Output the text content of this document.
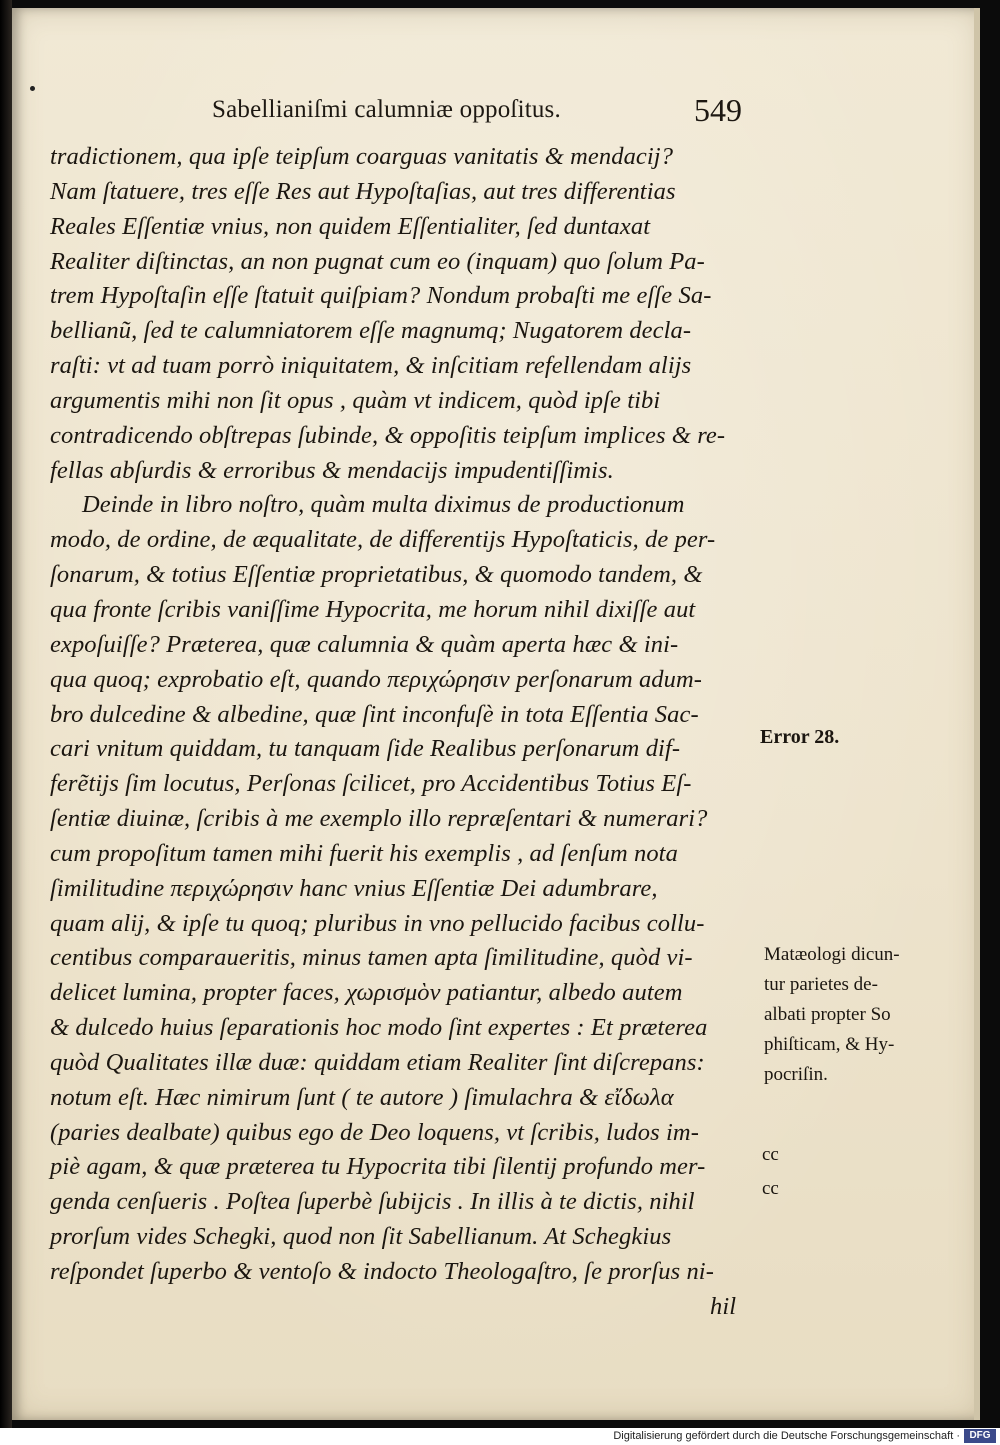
Sabellianiſmi calumniæ oppoſitus.	549
tradictionem, qua ipſe teipſum coarguas vanitatis & mendacij?
Nam ſtatuere, tres eſſe Res aut Hypoſtaſias, aut tres differentias
Reales Eſſentiæ vnius, non quidem Eſſentialiter, ſed duntaxat
Realiter diſtinctas, an non pugnat cum eo (inquam) quo ſolum Pa-
trem Hypoſtaſin eſſe ſtatuit quiſpiam? Nondum probaſti me eſſe Sa-
bellianũ, ſed te calumniatorem eſſe magnumq; Nugatorem decla-
raſti: vt ad tuam porrò iniquitatem, & inſcitiam refellendam alijs
argumentis mihi non ſit opus , quàm vt indicem, quòd ipſe tibi
contradicendo obſtrepas ſubinde, & oppoſitis teipſum implices & re-
fellas abſurdis & erroribus & mendacijs impudentiſſimis.
Deinde in libro noſtro, quàm multa diximus de productionum
modo, de ordine, de æqualitate, de differentijs Hypoſtaticis, de per-
ſonarum, & totius Eſſentiæ proprietatibus, & quomodo tandem, &
qua fronte ſcribis vaniſſime Hypocrita, me horum nihil dixiſſe aut
expoſuiſſe? Præterea, quæ calumnia & quàm aperta hæc & ini-
qua quoq; exprobatio eſt, quando περιχώρησιν perſonarum adum-
bro dulcedine & albedine, quæ ſint inconfuſè in tota Eſſentia Sac-
cari vnitum quiddam, tu tanquam ſide Realibus perſonarum dif-
ferẽtijs ſim locutus, Perſonas ſcilicet, pro Accidentibus Totius Eſ-
ſentiæ diuinæ, ſcribis à me exemplo illo repræſentari & numerari?
cum propoſitum tamen mihi fuerit his exemplis , ad ſenſum nota
ſimilitudine περιχώρησιν hanc vnius Eſſentiæ Dei adumbrare,
quam alij, & ipſe tu quoq; pluribus in vno pellucido facibus collu-
centibus comparaueritis, minus tamen apta ſimilitudine, quòd vi-
delicet lumina, propter faces, χωρισμὸν patiantur, albedo autem
& dulcedo huius ſeparationis hoc modo ſint expertes : Et præterea
quòd Qualitates illæ duæ: quiddam etiam Realiter ſint diſcrepans:
notum eſt. Hæc nimirum ſunt ( te autore ) ſimulachra & εἴδωλα
(paries dealbate) quibus ego de Deo loquens, vt ſcribis, ludos im-
piè agam, & quæ præterea tu Hypocrita tibi ſilentij profundo mer-
genda cenſueris . Poſtea ſuperbè ſubijcis . In illis à te dictis, nihil
prorſum vides Schegki, quod non ſit Sabellianum. At Schegkius
reſpondet ſuperbo & ventoſo & indocto Theologaſtro, ſe prorſus ni-
hil
Error 28.
Matæologi dicun-
tur parietes de-
albati propter So
phiſticam, & Hy-
pocriſin.
cc
cc
Digitalisierung gefördert durch die Deutsche Forschungsgemeinschaft · DFG
